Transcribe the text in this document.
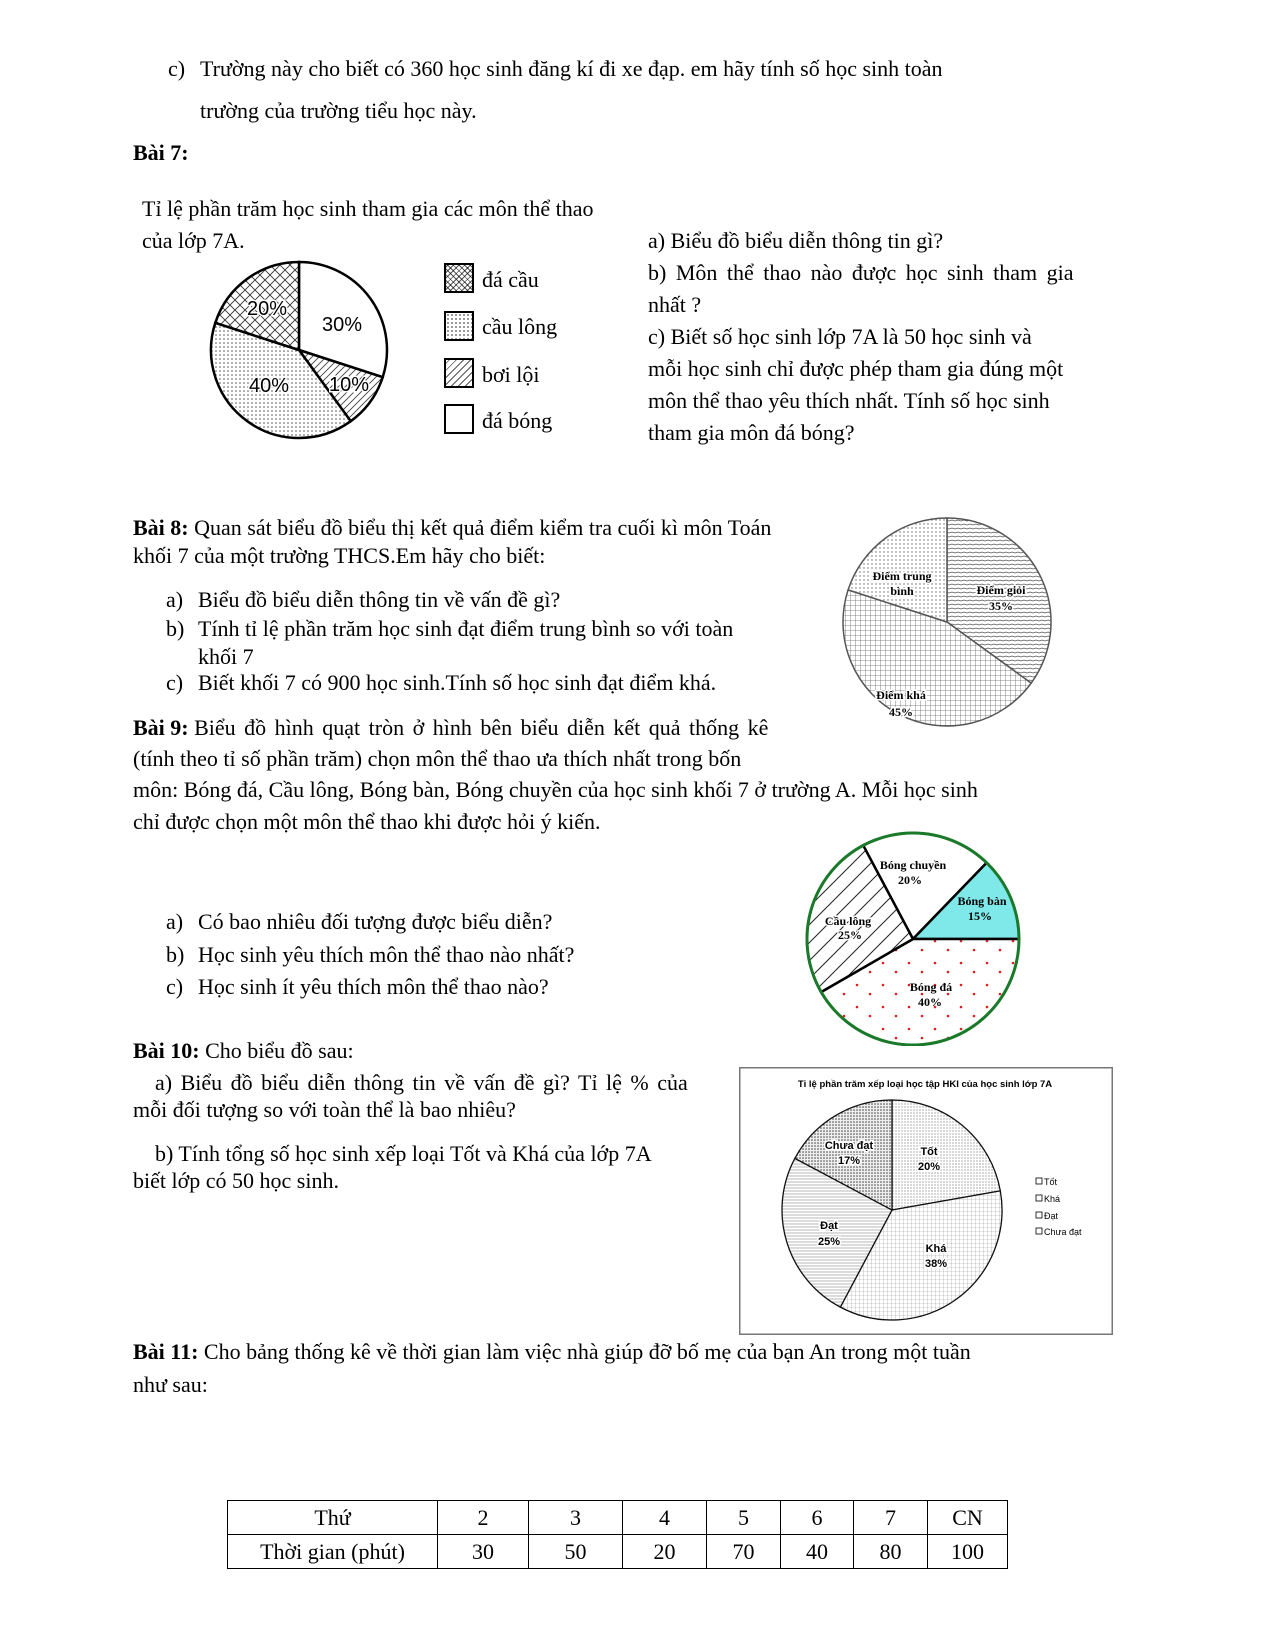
c) Trường này cho biết có 360 học sinh đăng kí đi xe đạp. em hãy tính số học sinh toàn
trường của trường tiểu học này.
Bài 7:
Tỉ lệ phần trăm học sinh tham gia các môn thể thao
của lớp 7A.
30%
10%
40%
20%
đá cầu
cầu lông
bơi lội
đá bóng
a) Biểu đồ biểu diễn thông tin gì?
b) Môn thể thao nào được học sinh tham gia
nhất ?
c) Biết số học sinh lớp 7A là 50 học sinh và
mỗi học sinh chỉ được phép tham gia đúng một
môn thể thao yêu thích nhất. Tính số học sinh
tham gia môn đá bóng?
Bài 8: Quan sát biểu đồ biểu thị kết quả điểm kiểm tra cuối kì môn Toán
khối 7 của một trường THCS.Em hãy cho biết:
a) Biểu đồ biểu diễn thông tin về vấn đề gì?
b) Tính tỉ lệ phần trăm học sinh đạt điểm trung bình so với toàn
khối 7
c) Biết khối 7 có 900 học sinh.Tính số học sinh đạt điểm khá.
Điểm giỏi
35%
Điểm khá
45%
Điểm trung
bình
Bài 9: Biểu đồ hình quạt tròn ở hình bên biểu diễn kết quả thống kê
(tính theo tỉ số phần trăm) chọn môn thể thao ưa thích nhất trong bốn
môn: Bóng đá, Cầu lông, Bóng bàn, Bóng chuyền của học sinh khối 7 ở trường A. Mỗi học sinh
chỉ được chọn một môn thể thao khi được hỏi ý kiến.
a) Có bao nhiêu đối tượng được biểu diễn?
b) Học sinh yêu thích môn thể thao nào nhất?
c) Học sinh ít yêu thích môn thể thao nào?
Bóng chuyền
20%
Bóng bàn
15%
Bóng đá
40%
Cầu lông
25%
Bài 10: Cho biểu đồ sau:
a) Biểu đồ biểu diễn thông tin về vấn đề gì? Tỉ lệ % của
mỗi đối tượng so với toàn thể là bao nhiêu?
b) Tính tổng số học sinh xếp loại Tốt và Khá của lớp 7A
biết lớp có 50 học sinh.
Tỉ lệ phần trăm xếp loại học tập HKI của học sinh lớp 7A
Tốt
20%
Khá
38%
Đạt
25%
Chưa đạt
17%
Tốt
Khá
Đạt
Chưa đạt
Bài 11: Cho bảng thống kê về thời gian làm việc nhà giúp đỡ bố mẹ của bạn An trong một tuần
như sau:
Thứ	2	3	4	5	6	7	CN
Thời gian (phút)	30	50	20	70	40	80	100
